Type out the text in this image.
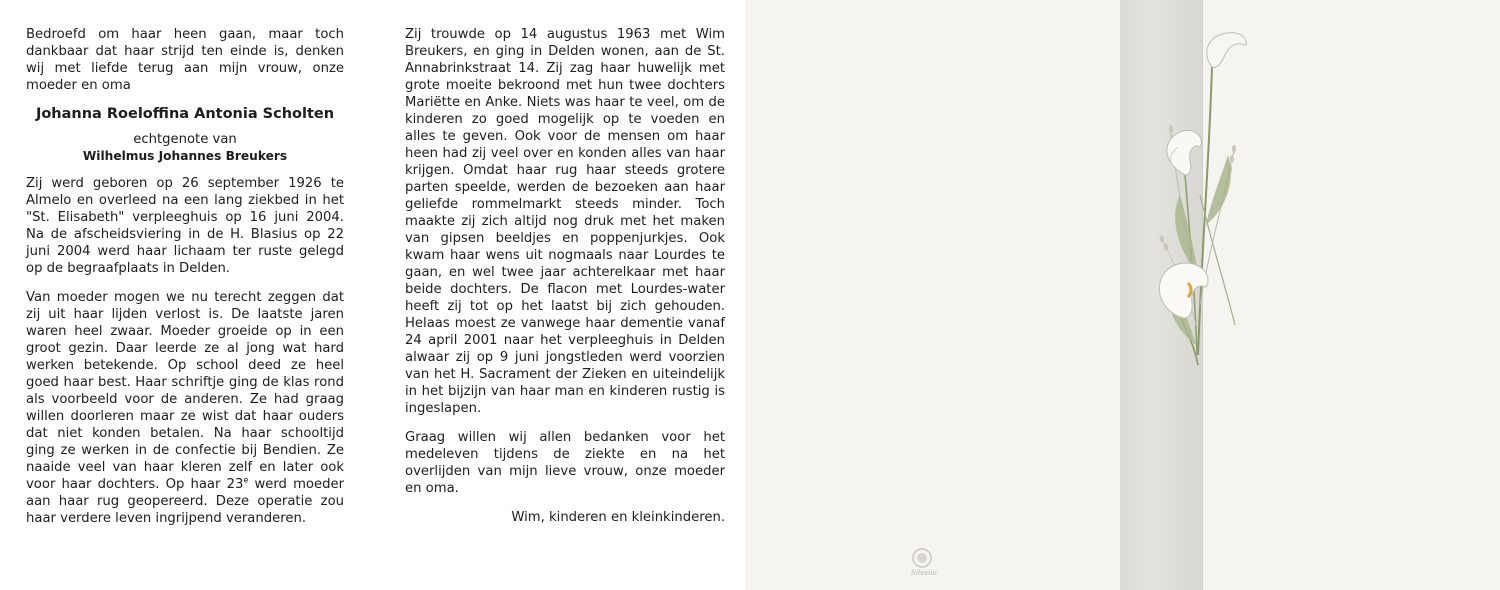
Bedroefd om haar heen gaan, maar toch dankbaar dat haar strijd ten einde is, denken wij met liefde terug aan mijn vrouw, onze moeder en oma

Johanna Roeloffina Antonia Scholten

echtgenote van

Wilhelmus Johannes Breukers

Zij werd geboren op 26 september 1926 te Almelo en overleed na een lang ziekbed in het "St. Elisabeth" verpleeghuis op 16 juni 2004. Na de afscheidsviering in de H. Blasius op 22 juni 2004 werd haar lichaam ter ruste gelegd op de begraafplaats in Delden.

Van moeder mogen we nu terecht zeggen dat zij uit haar lijden verlost is. De laatste jaren waren heel zwaar. Moeder groeide op in een groot gezin. Daar leerde ze al jong wat hard werken betekende. Op school deed ze heel goed haar best. Haar schriftje ging de klas rond als voorbeeld voor de anderen. Ze had graag willen doorleren maar ze wist dat haar ouders dat niet konden betalen. Na haar schooltijd ging ze werken in de confectie bij Bendien. Ze naaide veel van haar kleren zelf en later ook voor haar dochters. Op haar 23e werd moeder aan haar rug geopereerd. Deze operatie zou haar verdere leven ingrijpend veranderen.

Zij trouwde op 14 augustus 1963 met Wim Breukers, en ging in Delden wonen, aan de St. Annabrinkstraat 14. Zij zag haar huwelijk met grote moeite bekroond met hun twee dochters Mariëtte en Anke. Niets was haar te veel, om de kinderen zo goed mogelijk op te voeden en alles te geven. Ook voor de mensen om haar heen had zij veel over en konden alles van haar krijgen. Omdat haar rug haar steeds grotere parten speelde, werden de bezoeken aan haar geliefde rommelmarkt steeds minder. Toch maakte zij zich altijd nog druk met het maken van gipsen beeldjes en poppenjurkjes. Ook kwam haar wens uit nogmaals naar Lourdes te gaan, en wel twee jaar achterelkaar met haar beide dochters. De flacon met Lourdes-water heeft zij tot op het laatst bij zich gehouden. Helaas moest ze vanwege haar dementie vanaf 24 april 2001 naar het verpleeghuis in Delden alwaar zij op 9 juni jongstleden werd voorzien van het H. Sacrament der Zieken en uiteindelijk in het bijzijn van haar man en kinderen rustig is ingeslapen.

Graag willen wij allen bedanken voor het medeleven tijdens de ziekte en na het overlijden van mijn lieve vrouw, onze moeder en oma.

Wim, kinderen en kleinkinderen.

Silesiio
